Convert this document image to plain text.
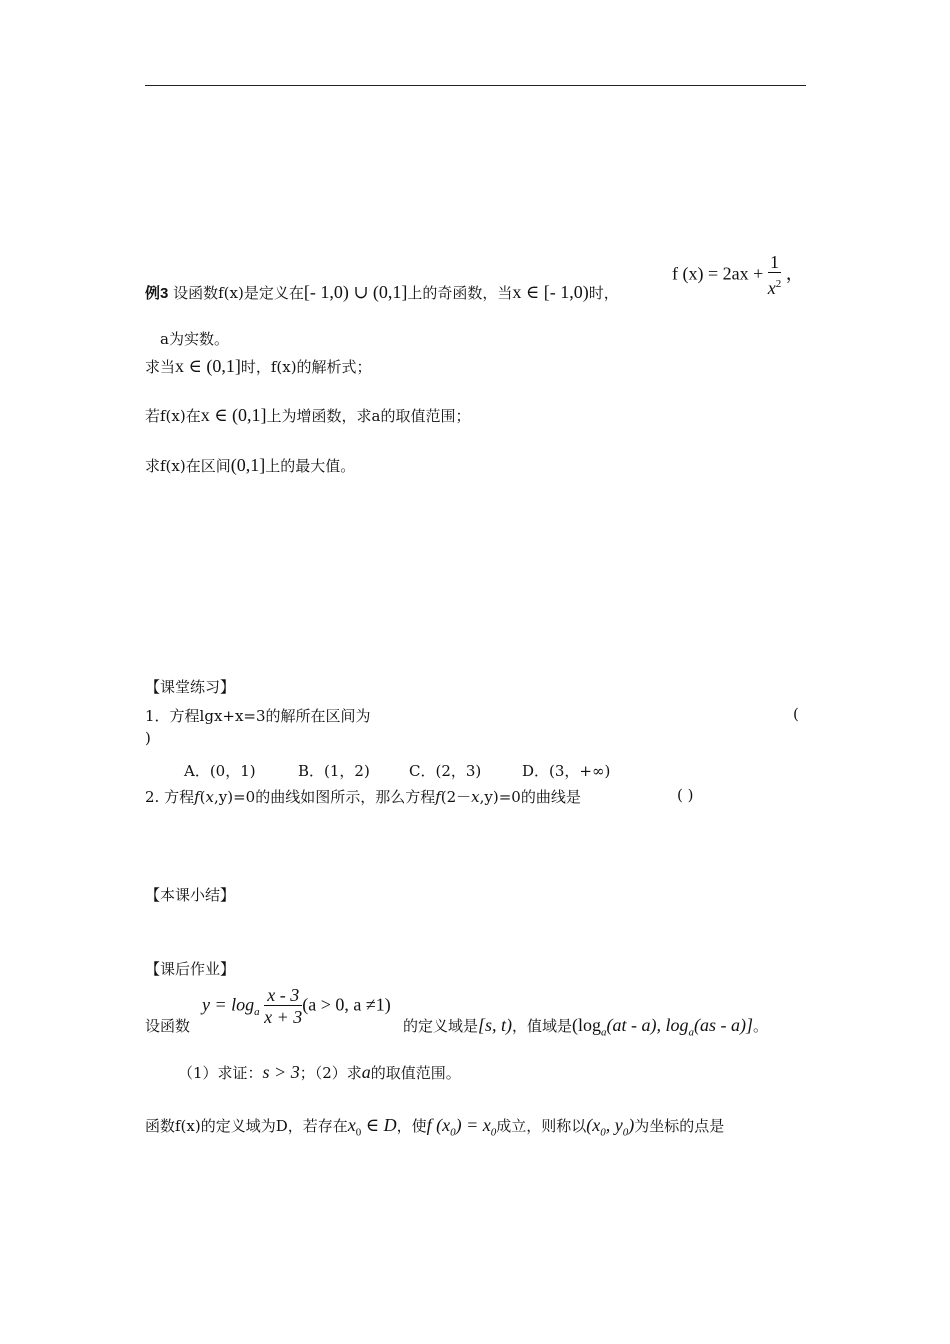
例3 设函数f(x)是定义在[- 1,0) ∪ (0,1]上的奇函数，当x ∈ [- 1,0)时，
f $(x) = 2ax + \frac{1}{x^2}$ ，
a为实数。
求当x ∈ (0,1]时，f(x)的解析式；
若f(x)在x ∈ (0,1]上为增函数，求a的取值范围；
求f(x)在区间(0,1]上的最大值。
【课堂练习】
1．方程lgx+x=3的解所在区间为	(
)
A．(0，1)	B．(1，2)	C．(2，3)	D．(3，+∞)
2. 方程f(x,y)=0的曲线如图所示，那么方程f(2－x,y)=0的曲线是	( )
【本课小结】
【课后作业】
设函数
$y = \log_a \frac{x - 3}{x + 3} (a > 0$, a ≠1)
的定义域是[s, t)，值域是($\log_a(at - a)$, $\log_a(as - a)$]。
（1）求证：s > 3；（2）求a的取值范围。
函数f(x)的定义域为D，若存在$x_0$ ∈ D，使f $(x_0) = x_0$成立，则称以($x_0$, $y_0$)为坐标的点是
